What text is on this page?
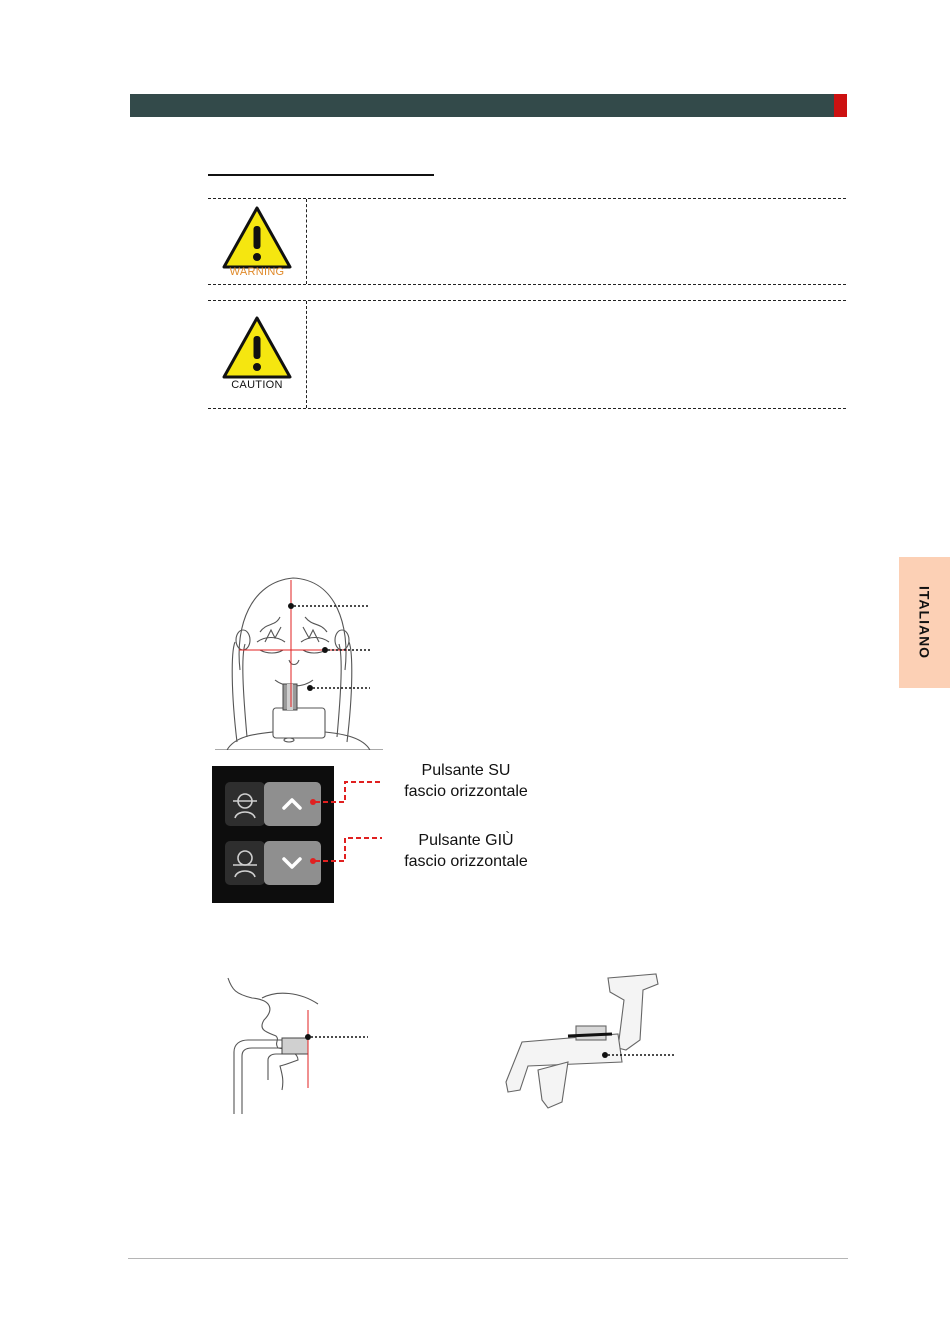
WARNING
CAUTION
ITALIANO
Pulsante SU
fascio orizzontale
Pulsante GIÙ
fascio orizzontale
